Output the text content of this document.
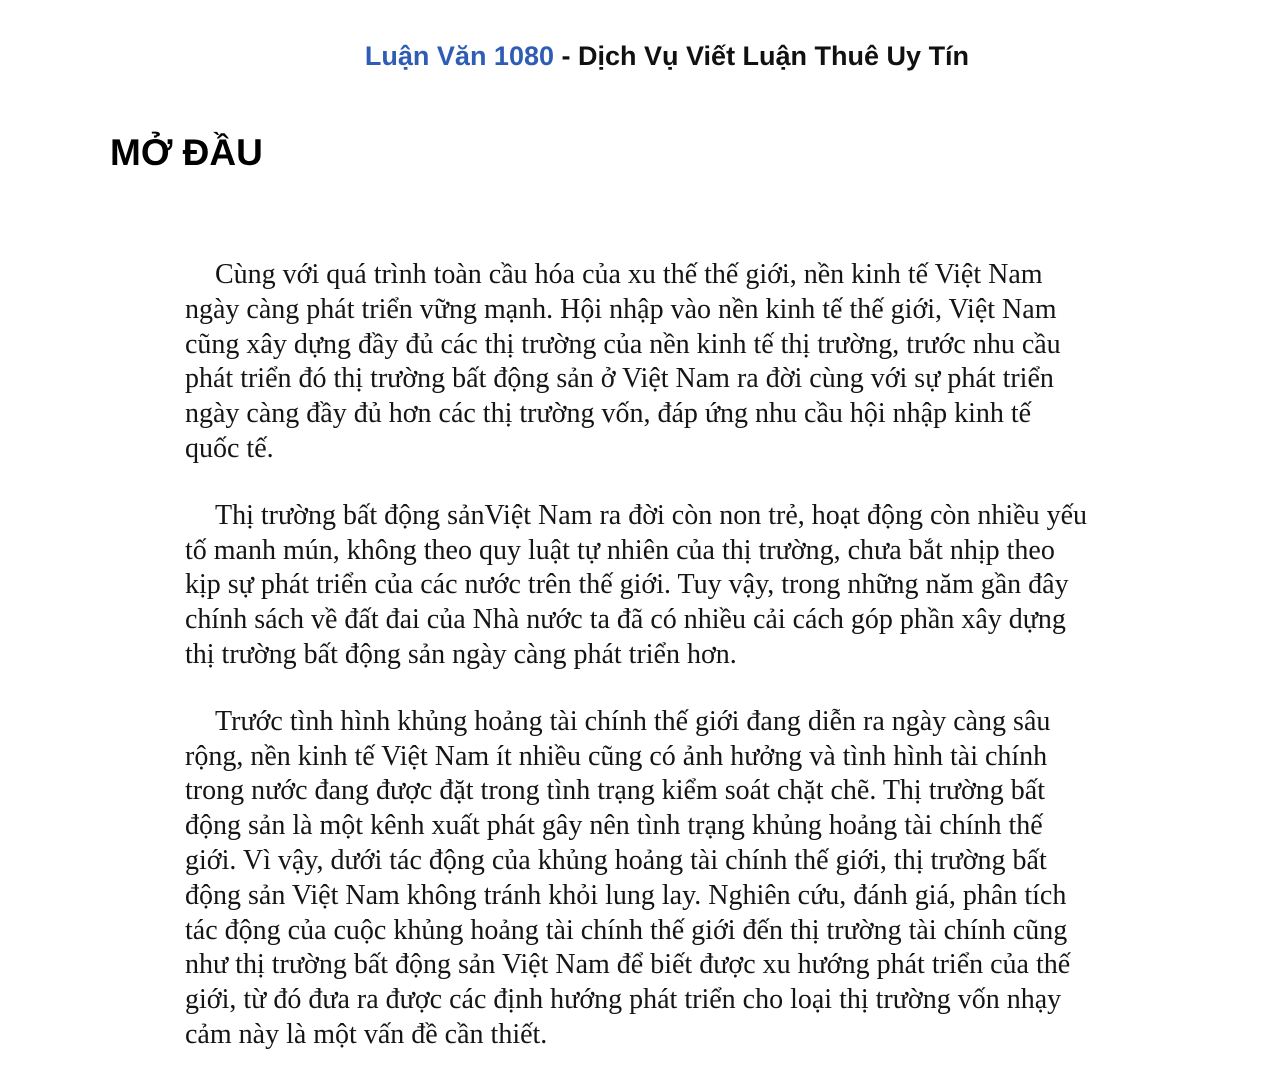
Luận Văn 1080 - Dịch Vụ Viết Luận Thuê Uy Tín
MỞ ĐẦU

Cùng với quá trình toàn cầu hóa của xu thế thế giới, nền kinh tế Việt Nam
ngày càng phát triển vững mạnh. Hội nhập vào nền kinh tế thế giới, Việt Nam
cũng xây dựng đầy đủ các thị trường của nền kinh tế thị trường, trước nhu cầu
phát triển đó thị trường bất động sản ở Việt Nam ra đời cùng với sự phát triển
ngày càng đầy đủ hơn các thị trường vốn, đáp ứng nhu cầu hội nhập kinh tế
quốc tế.

Thị trường bất động sảnViệt Nam ra đời còn non trẻ, hoạt động còn nhiều yếu
tố manh mún, không theo quy luật tự nhiên của thị trường, chưa bắt nhịp theo
kịp sự phát triển của các nước trên thế giới. Tuy vậy, trong những năm gần đây
chính sách về đất đai của Nhà nước ta đã có nhiều cải cách góp phần xây dựng
thị trường bất động sản ngày càng phát triển hơn.

Trước tình hình khủng hoảng tài chính thế giới đang diễn ra ngày càng sâu
rộng, nền kinh tế Việt Nam ít nhiều cũng có ảnh hưởng và tình hình tài chính
trong nước đang được đặt trong tình trạng kiểm soát chặt chẽ. Thị trường bất
động sản là một kênh xuất phát gây nên tình trạng khủng hoảng tài chính thế
giới. Vì vậy, dưới tác động của khủng hoảng tài chính thế giới, thị trường bất
động sản Việt Nam không tránh khỏi lung lay. Nghiên cứu, đánh giá, phân tích
tác động của cuộc khủng hoảng tài chính thế giới đến thị trường tài chính cũng
như thị trường bất động sản Việt Nam để biết được xu hướng phát triển của thế
giới, từ đó đưa ra được các định hướng phát triển cho loại thị trường vốn nhạy
cảm này là một vấn đề cần thiết.
